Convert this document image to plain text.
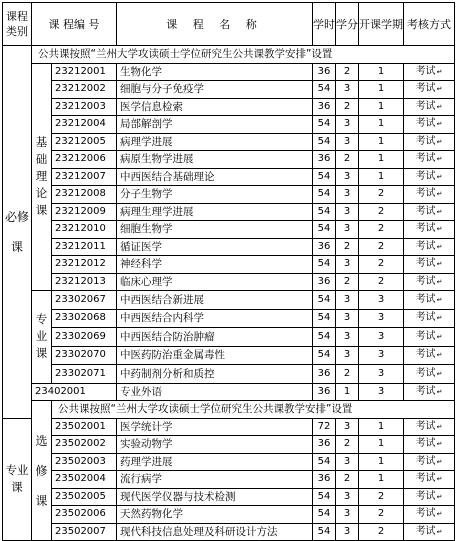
课程类别	课 程编 号		课 程 名 称	学时	学分	开课学期	考核方式
必修课	公共课按照“兰州大学攻读硕士学位研究生公共课教学安排”设置						
	基础理论课	23212001	生物化学	36	2	1	考试↵
		23212002	细胞与分子免疫学	54	3	1	考试↵
		23212003	医学信息检索	36	2	1	考试↵
		23212004	局部解剖学	54	3	1	考试↵
		23212005	病理学进展	54	3	1	考试↵
		23212006	病原生物学进展	36	2	1	考试↵
		23212007	中西医结合基础理论	54	3	1	考试↵
		23212008	分子生物学	54	3	2	考试↵
		23212009	病理生理学进展	54	3	2	考试↵
		23212010	细胞生物学	54	3	2	考试↵
		23212011	循证医学	36	2	2	考试↵
		23212012	神经科学	54	3	2	考试↵
		23212013	临床心理学	36	2	2	考试↵
	专业课	23302067	中西医结合新进展	54	3	3	考试↵
		23302068	中西医结合内科学	54	3	3	考试↵
		23302069	中西医结合防治肿瘤	54	3	3	考试↵
		23302070	中医药防治重金属毒性	54	3	3	考试↵
		23302071	中药制剂分析和质控	36	2	3	考试↵
	23402001		专业外语	36	1	3	考试↵
	选修课	公共课按照“兰州大学攻读硕士学位研究生公共课教学安排”设置					
专业课		23502001	医学统计学	72	3	1	考试↵
		23502002	实验动物学	36	2	1	考试↵
		23502003	药理学进展	54	3	1	考试↵
		23502004	流行病学	36	2	1	考试↵
		23502005	现代医学仪器与技术检测	54	3	2	考试↵
		23502006	天然药物化学	54	3	2	考试↵
		23502007	现代科技信息处理及科研设计方法	54	3	2	考试↵
